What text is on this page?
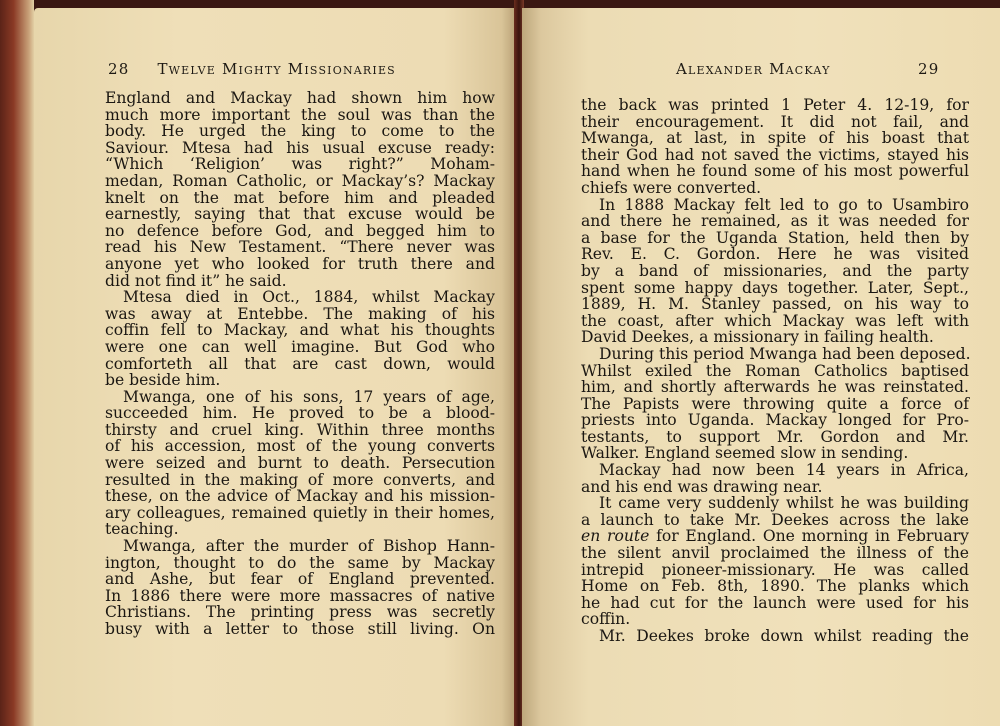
28 Twelve Mighty Missionaries
England and Mackay had shown him how
much more important the soul was than the
body. He urged the king to come to the
Saviour. Mtesa had his usual excuse ready:
“Which ‘Religion’ was right?” Moham-
medan, Roman Catholic, or Mackay’s? Mackay
knelt on the mat before him and pleaded
earnestly, saying that that excuse would be
no defence before God, and begged him to
read his New Testament. “There never was
anyone yet who looked for truth there and
did not find it” he said.
Mtesa died in Oct., 1884, whilst Mackay
was away at Entebbe. The making of his
coffin fell to Mackay, and what his thoughts
were one can well imagine. But God who
comforteth all that are cast down, would
be beside him.
Mwanga, one of his sons, 17 years of age,
succeeded him. He proved to be a blood-
thirsty and cruel king. Within three months
of his accession, most of the young converts
were seized and burnt to death. Persecution
resulted in the making of more converts, and
these, on the advice of Mackay and his mission-
ary colleagues, remained quietly in their homes,
teaching.
Mwanga, after the murder of Bishop Hann-
ington, thought to do the same by Mackay
and Ashe, but fear of England prevented.
In 1886 there were more massacres of native
Christians. The printing press was secretly
busy with a letter to those still living. On
Alexander Mackay	29
the back was printed 1 Peter 4. 12-19, for
their encouragement. It did not fail, and
Mwanga, at last, in spite of his boast that
their God had not saved the victims, stayed his
hand when he found some of his most powerful
chiefs were converted.
In 1888 Mackay felt led to go to Usambiro
and there he remained, as it was needed for
a base for the Uganda Station, held then by
Rev. E. C. Gordon. Here he was visited
by a band of missionaries, and the party
spent some happy days together. Later, Sept.,
1889, H. M. Stanley passed, on his way to
the coast, after which Mackay was left with
David Deekes, a missionary in failing health.
During this period Mwanga had been deposed.
Whilst exiled the Roman Catholics baptised
him, and shortly afterwards he was reinstated.
The Papists were throwing quite a force of
priests into Uganda. Mackay longed for Pro-
testants, to support Mr. Gordon and Mr.
Walker. England seemed slow in sending.
Mackay had now been 14 years in Africa,
and his end was drawing near.
It came very suddenly whilst he was building
a launch to take Mr. Deekes across the lake
en route for England. One morning in February
the silent anvil proclaimed the illness of the
intrepid pioneer-missionary. He was called
Home on Feb. 8th, 1890. The planks which
he had cut for the launch were used for his
coffin.
Mr. Deekes broke down whilst reading the
